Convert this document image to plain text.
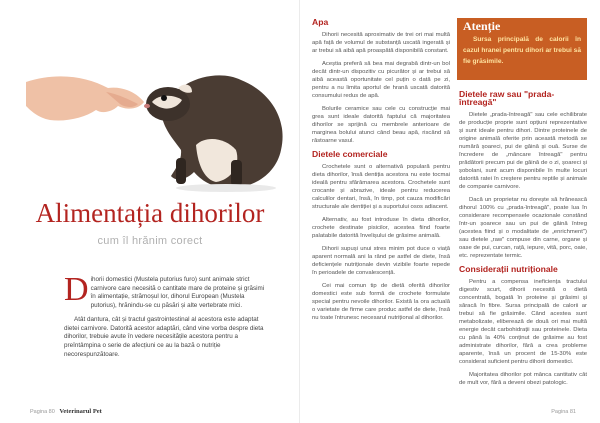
Alimentația dihorilor
cum îl hrănim corect

Dihorii domestici (Mustela putorius furo) sunt animale strict carnivore care necesită o cantitate mare de proteine și grăsimi în alimentație, strămoșul lor, dihorul European (Mustela putorius), hrănindu-se cu păsări și alte vertebrate mici.

Atât dantura, cât și tractul gastrointestinal al acestora este adaptat dietei carnivore. Datorită acestor adaptări, când vine vorba despre dieta dihorilor, trebuie avute în vedere necesitățile acestora pentru a preîntâmpina o serie de afecțiuni ce au la bază o nutriție necorespunzătoare.

Pagina 80 Veterinarul Pet
Apa

Dihorii necesită aproximativ de trei ori mai multă apă față de volumul de substanță uscată ingerată și ar trebui să aibă apă proaspătă disponibilă constant.

Aceștia preferă să bea mai degrabă dintr-un bol decât dintr-un dispozitiv cu picurător și ar trebui să aibă această oportunitate cel puțin o dată pe zi, pentru a nu limita aportul de hrană uscată datorită consumului redus de apă.

Bolurile ceramice sau cele cu construcție mai grea sunt ideale datorită faptului că majoritatea dihorilor se sprijină cu membrele anterioare de marginea bolului atunci când beau apă, riscând să răstoarne vasul.

Dietele comerciale

Crochetele sunt o alternativă populară pentru dieta dihorilor, însă dentiția acestora nu este tocmai ideală pentru sfărâmarea acestora. Crochetele sunt crocante și abrazive, ideale pentru reducerea calculilor dentari, însă, în timp, pot cauza modificări structurale ale dentiției și a suportului osos adiacent.

Alternativ, au fost introduse în dieta dihorilor, crochete destinate pisicilor, acestea fiind foarte palatabile datorită învelișului de grăsime animală.

Dihorii supuși unui stres minim pot duce o viață aparent normală ani la rând pe astfel de diete, însă deficiențele nutriționale devin vizibile foarte repede în perioadele de convalescență.

Cei mai comun tip de dietă oferită dihorilor domestici este sub formă de crochete formulate special pentru nevoile dihorilor. Există la ora actuală o varietate de firme care produc astfel de diete, însă nu toate întrunesc necesarul nutrițional al dihorilor.

Atenție

Sursa principală de calorii în cazul hranei pentru dihori ar trebui să fie grăsimile.

Dietele raw sau "prada-întreagă"

Dietele „prada-întreagă" sau cele echilibrate de producție proprie sunt opțiuni reprezentative și sunt ideale pentru dihori. Dintre proteinele de origine animală oferite prin această metodă se numără șoareci, pui de găină și ouă. Surse de încredere de „mâncare întreagă" pentru prădătorii precum pui de găină de o zi, șoareci și șobolani, sunt acum disponibile în multe locuri datorită ratei în creștere pentru reptile și animale de companie carnivore.

Dacă un proprietar nu dorește să hrănească dihorul 100% cu „prada-întreagă", poate lua în considerare recompensele ocazionale constând într-un șoarece sau un pui de găină întreg (acestea fiind și o modalitate de „enrichment") sau dietele „raw" compuse din carne, organe și oase de pui, curcan, rață, iepure, vită, porc, oaie, etc. reprezentate termic.

Considerații nutriționale

Pentru a compensa ineficiența tractului digestiv scurt, dihorii necesită o dietă concentrată, bogată în proteine și grăsimi și săracă în fibre. Sursa principală de calorii ar trebui să fie grăsimile. Când acestea sunt metabolizate, eliberează de două ori mai multă energie decât carbohidrații sau proteinele. Dieta cu până la 40% conținut de grăsime au fost administrate dihorilor, fără a crea probleme aparente, însă un procent de 15-30% este considerat suficient pentru dihorii domestici.

Majoritatea dihorilor pot mânca cantitativ cât de mult vor, fără a deveni obezi patologic.

Pagina 81
